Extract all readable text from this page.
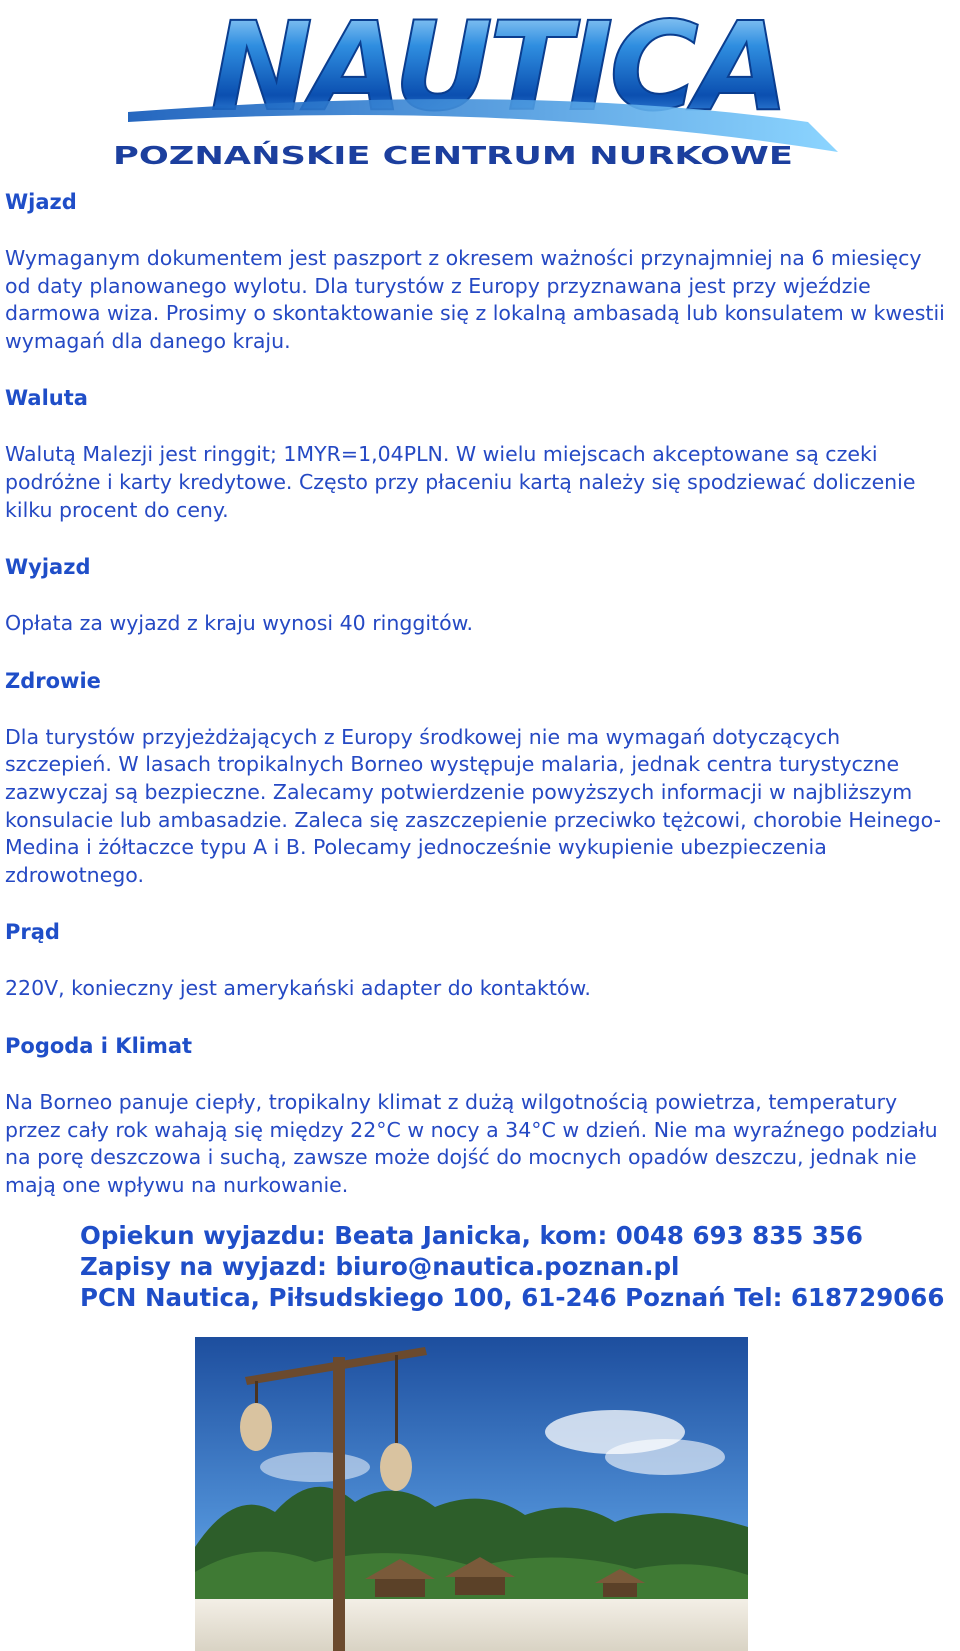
NAUTICA
POZNAŃSKIE CENTRUM NURKOWE
Wjazd
Wymaganym dokumentem jest paszport z okresem ważności przynajmniej na 6 miesięcy od daty planowanego wylotu. Dla turystów z Europy przyznawana jest przy wjeździe darmowa wiza. Prosimy o skontaktowanie się z lokalną ambasadą lub konsulatem w kwestii wymagań dla danego kraju.
Waluta
Walutą Malezji jest ringgit; 1MYR=1,04PLN. W wielu miejscach akceptowane są czeki podróżne i karty kredytowe. Często przy płaceniu kartą należy się spodziewać doliczenie kilku procent do ceny.
Wyjazd
Opłata za wyjazd z kraju wynosi 40 ringgitów.
Zdrowie
Dla turystów przyjeżdżających z Europy środkowej nie ma wymagań dotyczących szczepień. W lasach tropikalnych Borneo występuje malaria, jednak centra turystyczne zazwyczaj są bezpieczne. Zalecamy potwierdzenie powyższych informacji w najbliższym konsulacie lub ambasadzie. Zaleca się zaszczepienie przeciwko tężcowi, chorobie Heinego-Medina i żółtaczce typu A i B. Polecamy jednocześnie wykupienie ubezpieczenia zdrowotnego.
Prąd
220V, konieczny jest amerykański adapter do kontaktów.
Pogoda i Klimat
Na Borneo panuje ciepły, tropikalny klimat z dużą wilgotnością powietrza, temperatury przez cały rok wahają się między 22°C w nocy a 34°C w dzień. Nie ma wyraźnego podziału na porę deszczowa i suchą, zawsze może dojść do mocnych opadów deszczu, jednak nie mają one wpływu na nurkowanie.
Opiekun wyjazdu: Beata Janicka, kom: 0048 693 835 356
Zapisy na wyjazd: biuro@nautica.poznan.pl
PCN Nautica, Piłsudskiego 100, 61-246 Poznań Tel: 618729066
